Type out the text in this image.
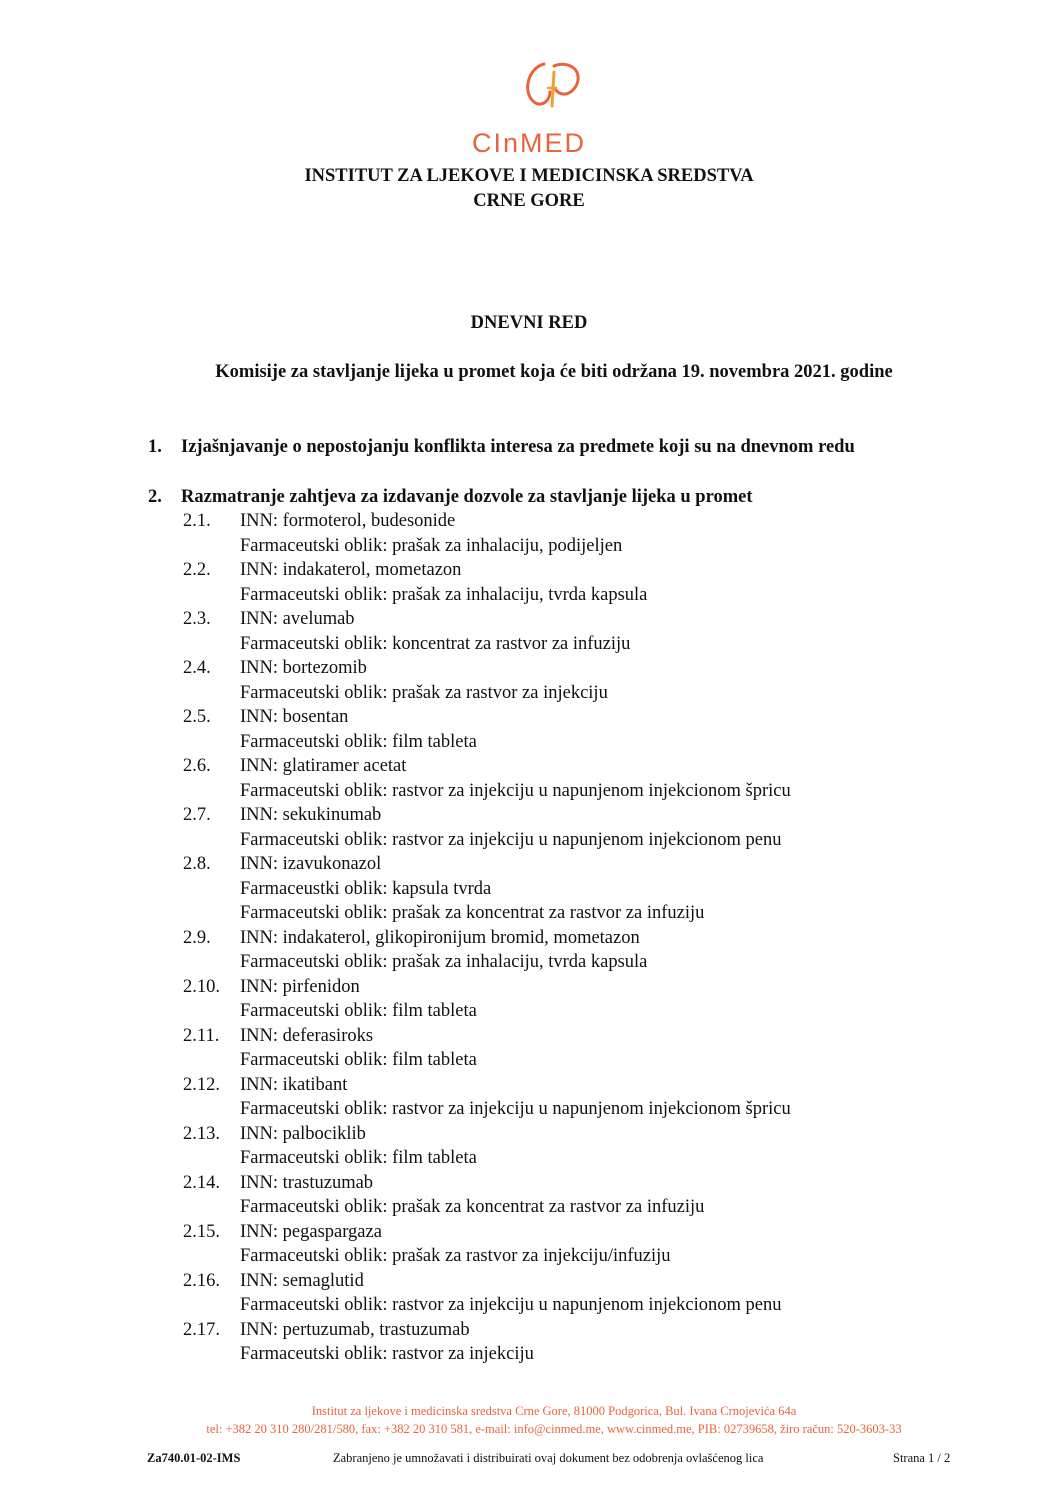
CInMED
INSTITUT ZA LJEKOVE I MEDICINSKA SREDSTVA
CRNE GORE
DNEVNI RED
Komisije za stavljanje lijeka u promet koja će biti održana 19. novembra 2021. godine
1. Izjašnjavanje o nepostojanju konflikta interesa za predmete koji su na dnevnom redu
2. Razmatranje zahtjeva za izdavanje dozvole za stavljanje lijeka u promet
2.1. INN: formoterol, budesonide
Farmaceutski oblik: prašak za inhalaciju, podijeljen
2.2. INN: indakaterol, mometazon
Farmaceutski oblik: prašak za inhalaciju, tvrda kapsula
2.3. INN: avelumab
Farmaceutski oblik: koncentrat za rastvor za infuziju
2.4. INN: bortezomib
Farmaceutski oblik: prašak za rastvor za injekciju
2.5. INN: bosentan
Farmaceutski oblik: film tableta
2.6. INN: glatiramer acetat
Farmaceutski oblik: rastvor za injekciju u napunjenom injekcionom špricu
2.7. INN: sekukinumab
Farmaceutski oblik: rastvor za injekciju u napunjenom injekcionom penu
2.8. INN: izavukonazol
Farmaceustki oblik: kapsula tvrda
Farmaceutski oblik: prašak za koncentrat za rastvor za infuziju
2.9. INN: indakaterol, glikopironijum bromid, mometazon
Farmaceutski oblik: prašak za inhalaciju, tvrda kapsula
2.10. INN: pirfenidon
Farmaceutski oblik: film tableta
2.11. INN: deferasiroks
Farmaceutski oblik: film tableta
2.12. INN: ikatibant
Farmaceutski oblik: rastvor za injekciju u napunjenom injekcionom špricu
2.13. INN: palbociklib
Farmaceutski oblik: film tableta
2.14. INN: trastuzumab
Farmaceutski oblik: prašak za koncentrat za rastvor za infuziju
2.15. INN: pegaspargaza
Farmaceutski oblik: prašak za rastvor za injekciju/infuziju
2.16. INN: semaglutid
Farmaceutski oblik: rastvor za injekciju u napunjenom injekcionom penu
2.17. INN: pertuzumab, trastuzumab
Farmaceutski oblik: rastvor za injekciju
Institut za ljekove i medicinska sredstva Crne Gore, 81000 Podgorica, Bul. Ivana Crnojevića 64a
tel: +382 20 310 280/281/580, fax: +382 20 310 581, e-mail: info@cinmed.me, www.cinmed.me, PIB: 02739658, žiro račun: 520-3603-33
Za740.01-02-IMS	Zabranjeno je umnožavati i distribuirati ovaj dokument bez odobrenja ovlašćenog lica	Strana 1 / 2
